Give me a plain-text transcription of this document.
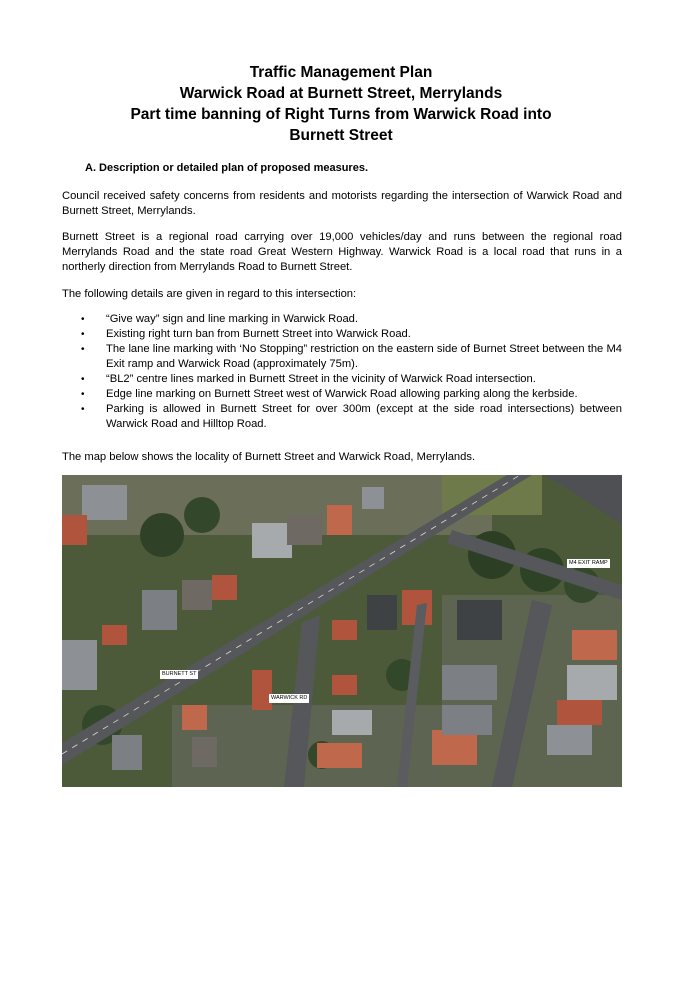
Traffic Management Plan
Warwick Road at Burnett Street, Merrylands
Part time banning of Right Turns from Warwick Road into
Burnett Street
A. Description or detailed plan of proposed measures.
Council received safety concerns from residents and motorists regarding the intersection of Warwick Road and Burnett Street, Merrylands.
Burnett Street is a regional road carrying over 19,000 vehicles/day and runs between the regional road Merrylands Road and the state road Great Western Highway. Warwick Road is a local road that runs in a northerly direction from Merrylands Road to Burnett Street.
The following details are given in regard to this intersection:
• “Give way” sign and line marking in Warwick Road.
• Existing right turn ban from Burnett Street into Warwick Road.
• The lane line marking with ‘No Stopping” restriction on the eastern side of Burnet Street between the M4 Exit ramp and Warwick Road (approximately 75m).
• “BL2” centre lines marked in Burnett Street in the vicinity of Warwick Road intersection.
• Edge line marking on Burnett Street west of Warwick Road allowing parking along the kerbside.
• Parking is allowed in Burnett Street for over 300m (except at the side road intersections) between Warwick Road and Hilltop Road.
The map below shows the locality of Burnett Street and Warwick Road, Merrylands.
M4 EXIT RAMP
BURNETT ST
WARWICK RD
